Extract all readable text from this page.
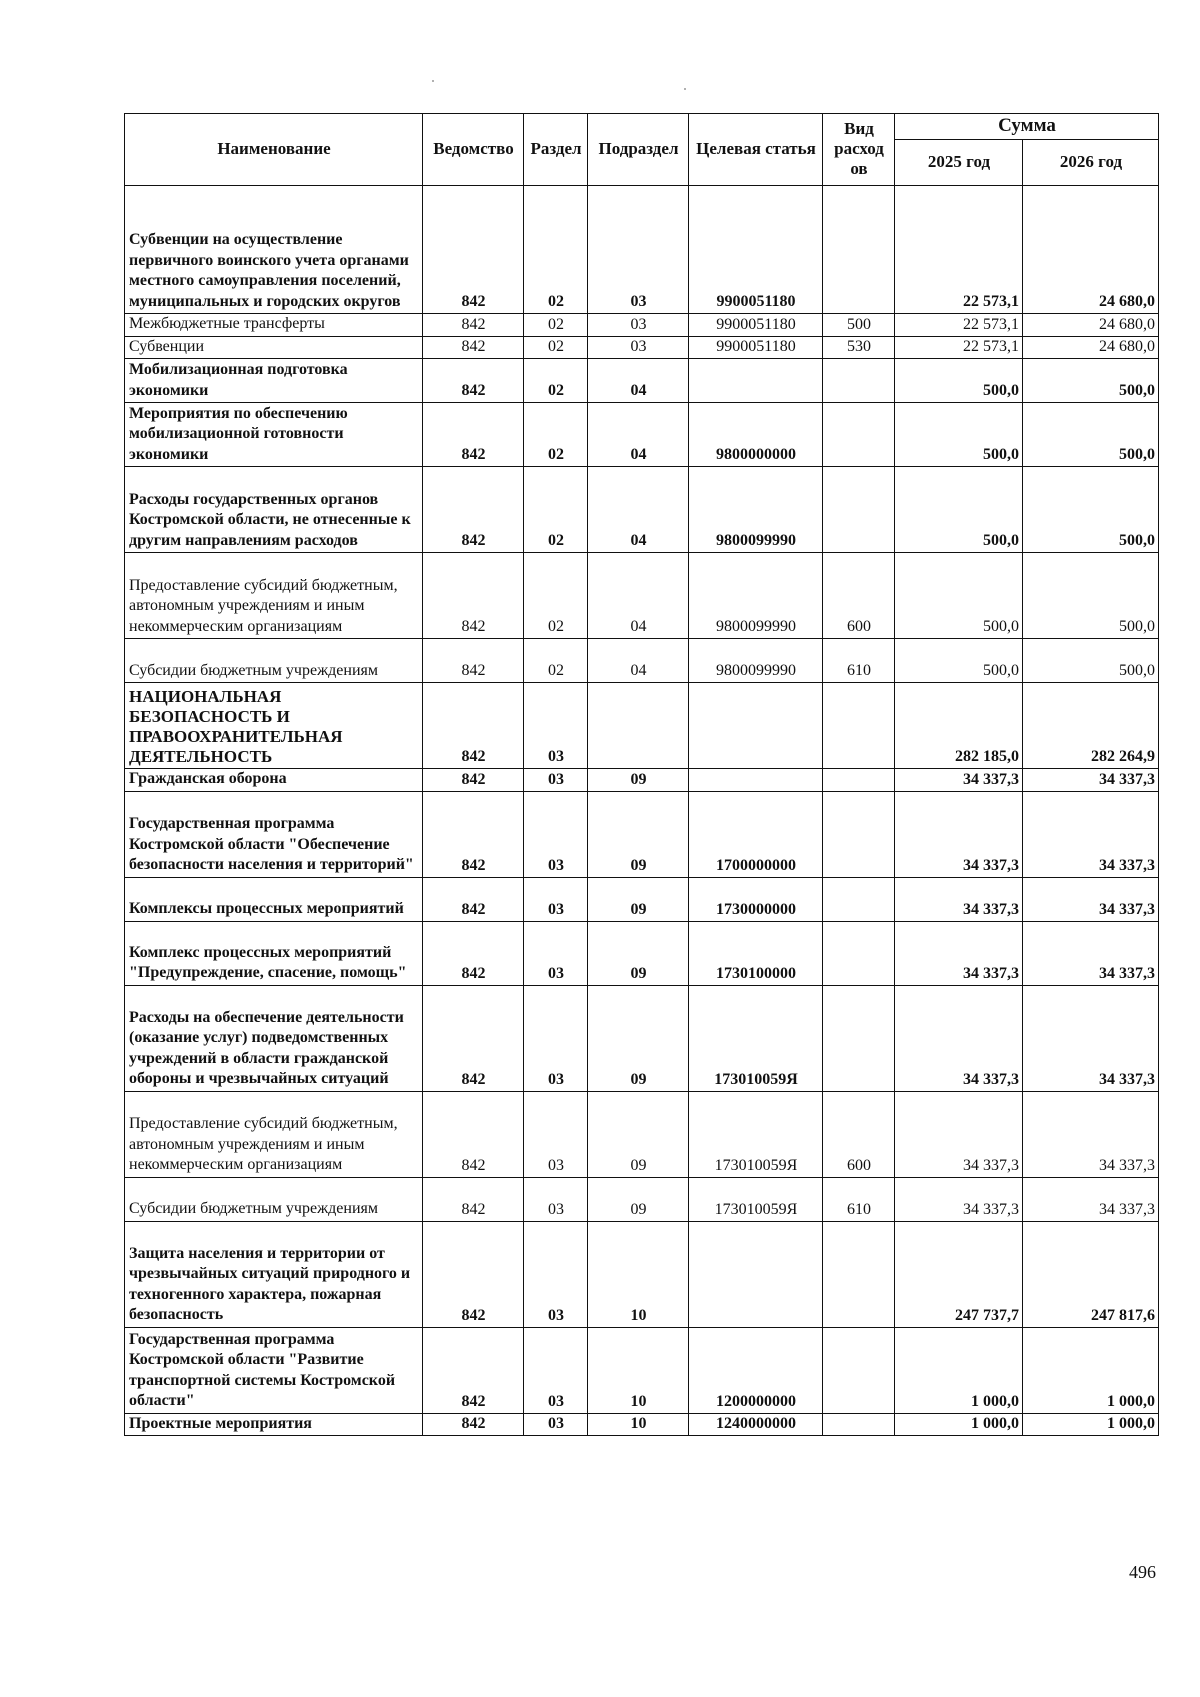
Наименование	Ведомство	Раздел	Подраздел	Целевая статья	Вид расход ов	Сумма	
						2025 год	2026 год
Субвенции на осуществление первичного воинского учета органами местного самоуправления поселений, муниципальных и городских округов	842	02	03	9900051180		22 573,1	24 680,0
Межбюджетные трансферты	842	02	03	9900051180	500	22 573,1	24 680,0
Субвенции	842	02	03	9900051180	530	22 573,1	24 680,0
Мобилизационная подготовка экономики	842	02	04			500,0	500,0
Мероприятия по обеспечению мобилизационной готовности экономики	842	02	04	9800000000		500,0	500,0
Расходы государственных органов Костромской области, не отнесенные к другим направлениям расходов	842	02	04	9800099990		500,0	500,0
Предоставление субсидий бюджетным, автономным учреждениям и иным некоммерческим организациям	842	02	04	9800099990	600	500,0	500,0
Субсидии бюджетным учреждениям	842	02	04	9800099990	610	500,0	500,0
НАЦИОНАЛЬНАЯ БЕЗОПАСНОСТЬ И ПРАВООХРАНИТЕЛЬНАЯ ДЕЯТЕЛЬНОСТЬ	842	03				282 185,0	282 264,9
Гражданская оборона	842	03	09			34 337,3	34 337,3
Государственная программа Костромской области "Обеспечение безопасности населения и территорий"	842	03	09	1700000000		34 337,3	34 337,3
Комплексы процессных мероприятий	842	03	09	1730000000		34 337,3	34 337,3
Комплекс процессных мероприятий "Предупреждение, спасение, помощь"	842	03	09	1730100000		34 337,3	34 337,3
Расходы на обеспечение деятельности (оказание услуг) подведомственных учреждений в области гражданской обороны и чрезвычайных ситуаций	842	03	09	173010059Я		34 337,3	34 337,3
Предоставление субсидий бюджетным, автономным учреждениям и иным некоммерческим организациям	842	03	09	173010059Я	600	34 337,3	34 337,3
Субсидии бюджетным учреждениям	842	03	09	173010059Я	610	34 337,3	34 337,3
Защита населения и территории от чрезвычайных ситуаций природного и техногенного характера, пожарная безопасность	842	03	10			247 737,7	247 817,6
Государственная программа Костромской области "Развитие транспортной системы Костромской области"	842	03	10	1200000000		1 000,0	1 000,0
Проектные мероприятия	842	03	10	1240000000		1 000,0	1 000,0
496
